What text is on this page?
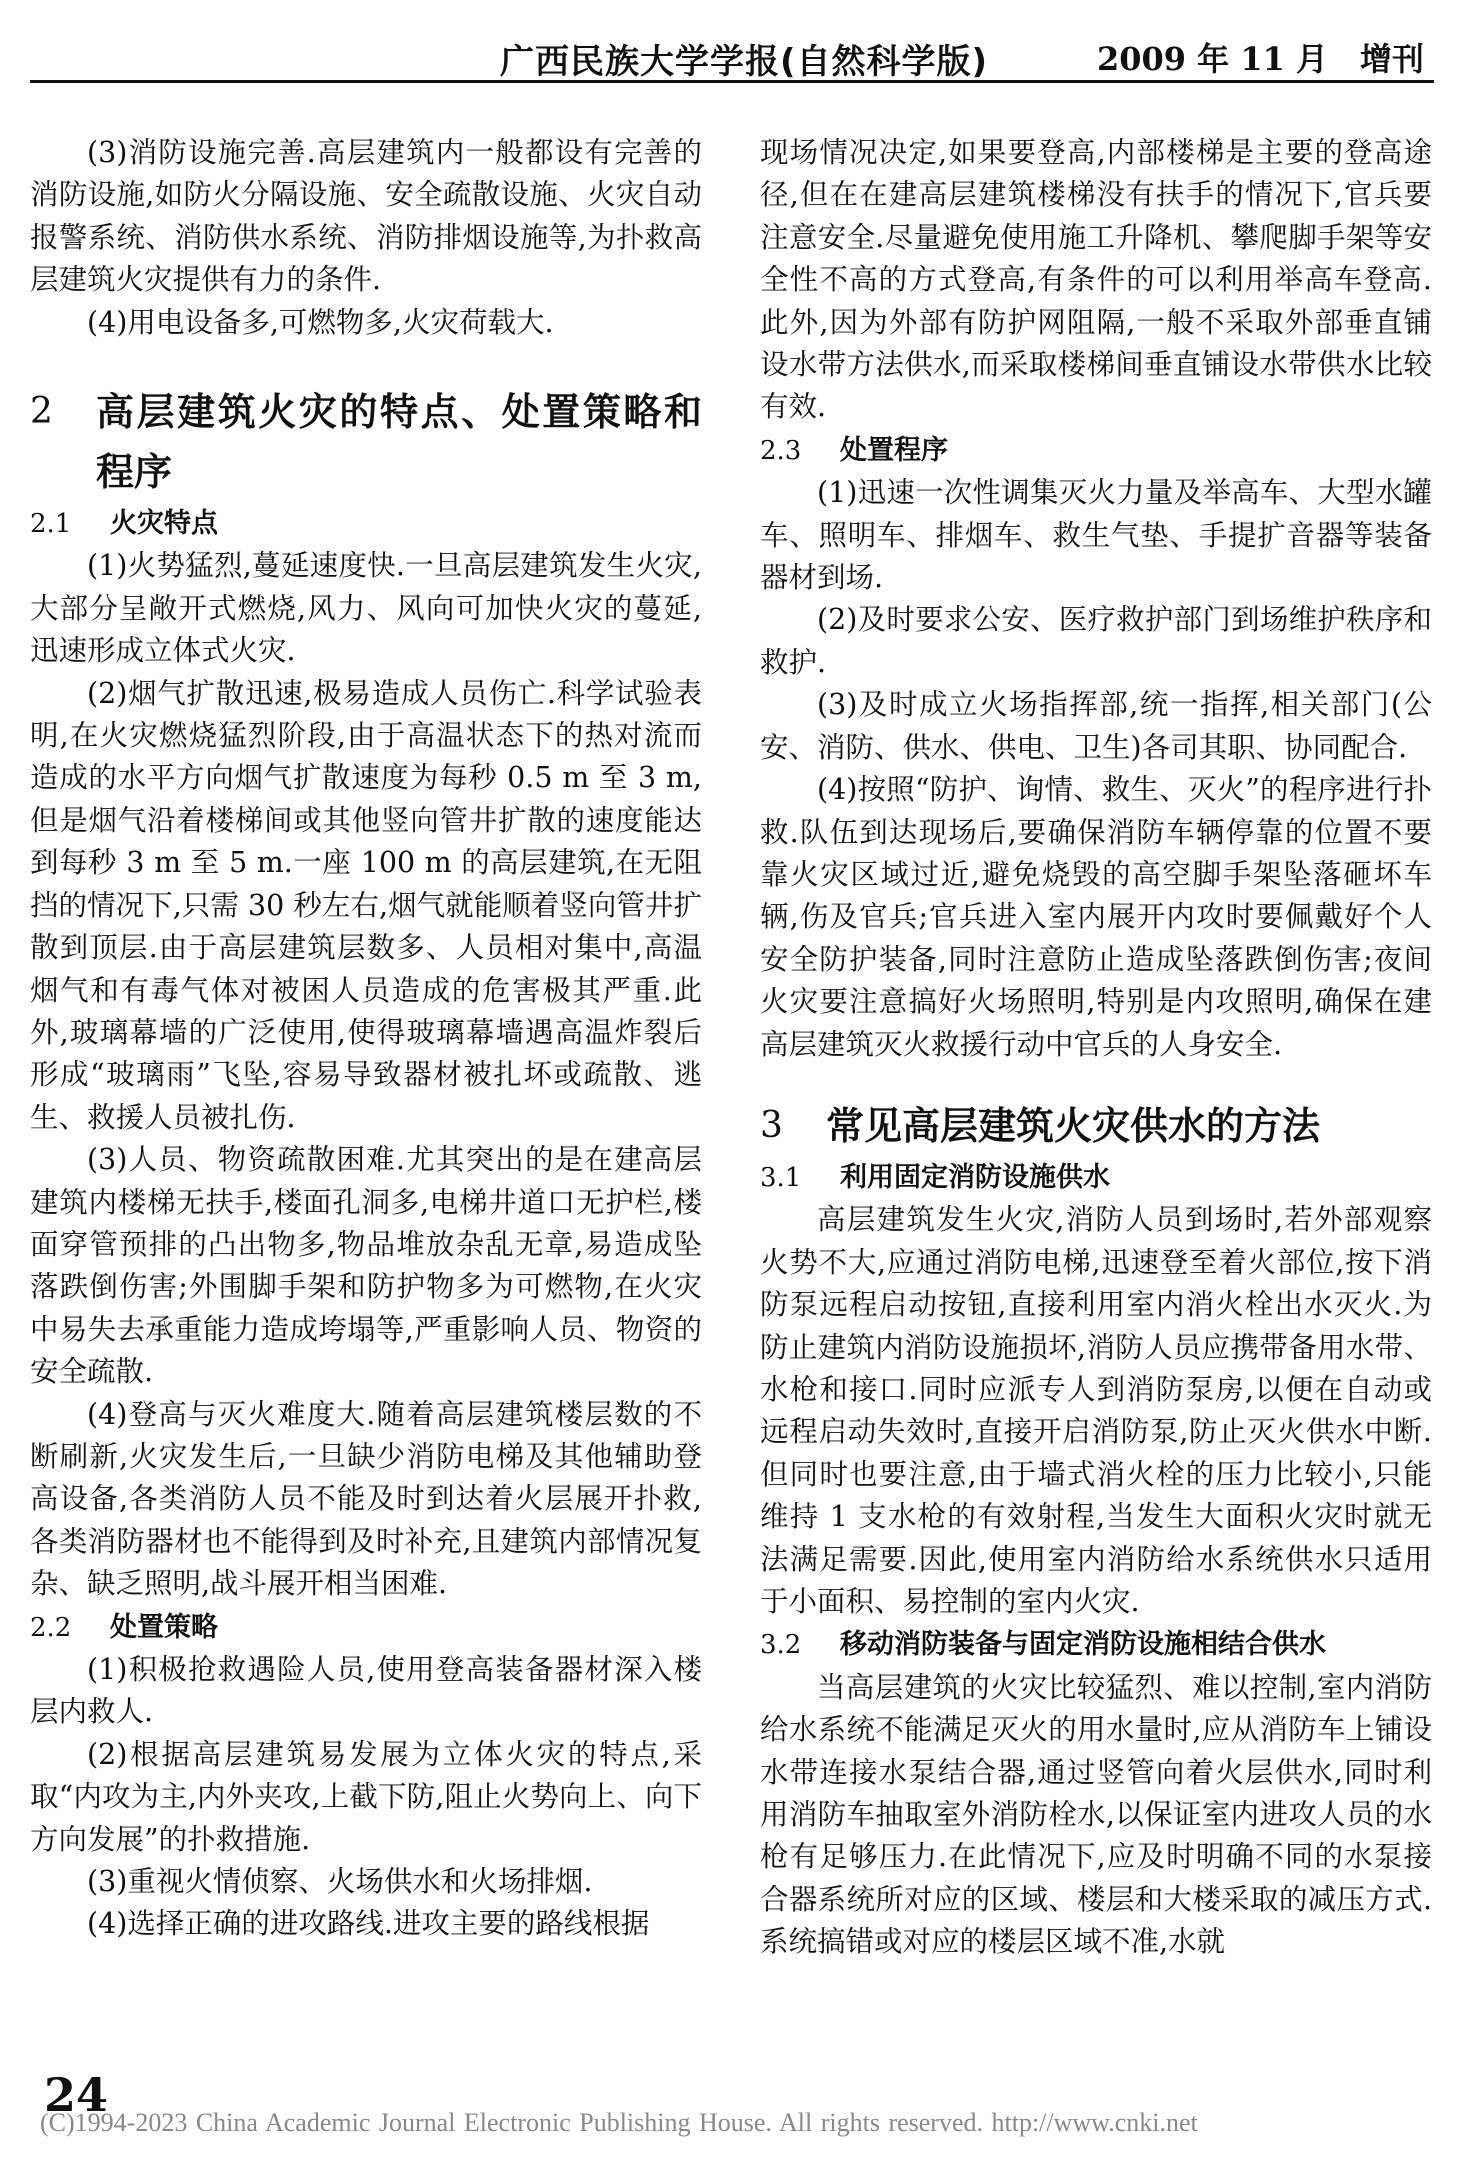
广西民族大学学报(自然科学版)	2009 年 11 月　增刊

(3)消防设施完善.高层建筑内一般都设有完善的消防设施,如防火分隔设施、安全疏散设施、火灾自动报警系统、消防供水系统、消防排烟设施等,为扑救高层建筑火灾提供有力的条件.

(4)用电设备多,可燃物多,火灾荷载大.

2 高层建筑火灾的特点、处置策略和程序
2.1 火灾特点

(1)火势猛烈,蔓延速度快.一旦高层建筑发生火灾,大部分呈敞开式燃烧,风力、风向可加快火灾的蔓延,迅速形成立体式火灾.

(2)烟气扩散迅速,极易造成人员伤亡.科学试验表明,在火灾燃烧猛烈阶段,由于高温状态下的热对流而造成的水平方向烟气扩散速度为每秒 0.5 m 至 3 m,但是烟气沿着楼梯间或其他竖向管井扩散的速度能达到每秒 3 m 至 5 m.一座 100 m 的高层建筑,在无阻挡的情况下,只需 30 秒左右,烟气就能顺着竖向管井扩散到顶层.由于高层建筑层数多、人员相对集中,高温烟气和有毒气体对被困人员造成的危害极其严重.此外,玻璃幕墙的广泛使用,使得玻璃幕墙遇高温炸裂后形成“玻璃雨”飞坠,容易导致器材被扎坏或疏散、逃生、救援人员被扎伤.

(3)人员、物资疏散困难.尤其突出的是在建高层建筑内楼梯无扶手,楼面孔洞多,电梯井道口无护栏,楼面穿管预排的凸出物多,物品堆放杂乱无章,易造成坠落跌倒伤害;外围脚手架和防护物多为可燃物,在火灾中易失去承重能力造成垮塌等,严重影响人员、物资的安全疏散.

(4)登高与灭火难度大.随着高层建筑楼层数的不断刷新,火灾发生后,一旦缺少消防电梯及其他辅助登高设备,各类消防人员不能及时到达着火层展开扑救,各类消防器材也不能得到及时补充,且建筑内部情况复杂、缺乏照明,战斗展开相当困难.

2.2 处置策略

(1)积极抢救遇险人员,使用登高装备器材深入楼层内救人.

(2)根据高层建筑易发展为立体火灾的特点,采取“内攻为主,内外夹攻,上截下防,阻止火势向上、向下方向发展”的扑救措施.

(3)重视火情侦察、火场供水和火场排烟.

(4)选择正确的进攻路线.进攻主要的路线根据

现场情况决定,如果要登高,内部楼梯是主要的登高途径,但在在建高层建筑楼梯没有扶手的情况下,官兵要注意安全.尽量避免使用施工升降机、攀爬脚手架等安全性不高的方式登高,有条件的可以利用举高车登高.此外,因为外部有防护网阻隔,一般不采取外部垂直铺设水带方法供水,而采取楼梯间垂直铺设水带供水比较有效.

2.3 处置程序

(1)迅速一次性调集灭火力量及举高车、大型水罐车、照明车、排烟车、救生气垫、手提扩音器等装备器材到场.

(2)及时要求公安、医疗救护部门到场维护秩序和救护.

(3)及时成立火场指挥部,统一指挥,相关部门(公安、消防、供水、供电、卫生)各司其职、协同配合.

(4)按照“防护、询情、救生、灭火”的程序进行扑救.队伍到达现场后,要确保消防车辆停靠的位置不要靠火灾区域过近,避免烧毁的高空脚手架坠落砸坏车辆,伤及官兵;官兵进入室内展开内攻时要佩戴好个人安全防护装备,同时注意防止造成坠落跌倒伤害;夜间火灾要注意搞好火场照明,特别是内攻照明,确保在建高层建筑灭火救援行动中官兵的人身安全.

3 常见高层建筑火灾供水的方法
3.1 利用固定消防设施供水

高层建筑发生火灾,消防人员到场时,若外部观察火势不大,应通过消防电梯,迅速登至着火部位,按下消防泵远程启动按钮,直接利用室内消火栓出水灭火.为防止建筑内消防设施损坏,消防人员应携带备用水带、水枪和接口.同时应派专人到消防泵房,以便在自动或远程启动失效时,直接开启消防泵,防止灭火供水中断.但同时也要注意,由于墙式消火栓的压力比较小,只能维持 1 支水枪的有效射程,当发生大面积火灾时就无法满足需要.因此,使用室内消防给水系统供水只适用于小面积、易控制的室内火灾.

3.2 移动消防装备与固定消防设施相结合供水

当高层建筑的火灾比较猛烈、难以控制,室内消防给水系统不能满足灭火的用水量时,应从消防车上铺设水带连接水泵结合器,通过竖管向着火层供水,同时利用消防车抽取室外消防栓水,以保证室内进攻人员的水枪有足够压力.在此情况下,应及时明确不同的水泵接合器系统所对应的区域、楼层和大楼采取的减压方式.系统搞错或对应的楼层区域不准,水就

24
(C)1994-2023 China Academic Journal Electronic Publishing House. All rights reserved. http://www.cnki.net
